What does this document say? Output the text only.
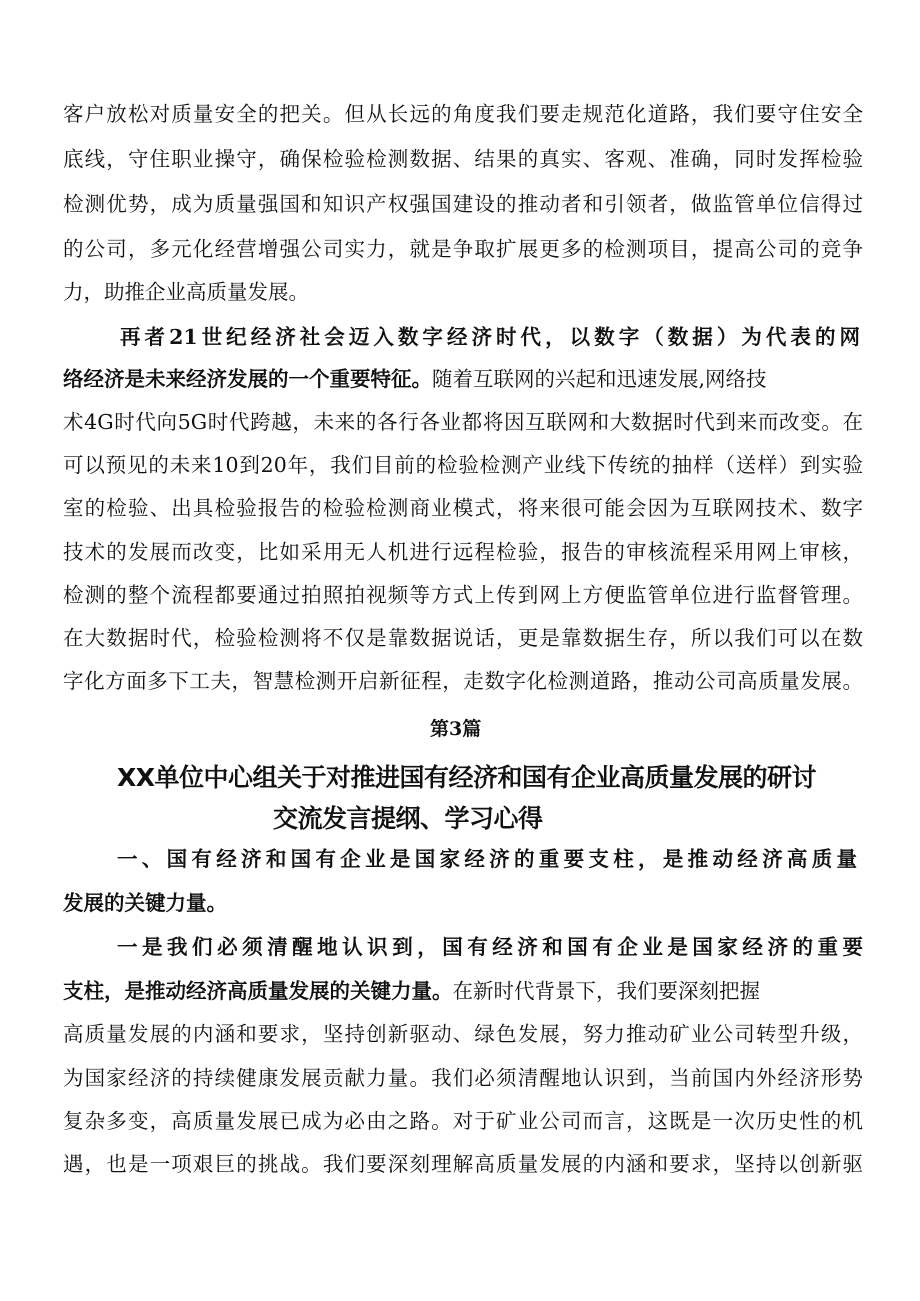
客户放松对质量安全的把关。但从长远的角度我们要走规范化道路，我们要守住安全
底线，守住职业操守，确保检验检测数据、结果的真实、客观、准确，同时发挥检验
检测优势，成为质量强国和知识产权强国建设的推动者和引领者，做监管单位信得过
的公司，多元化经营增强公司实力，就是争取扩展更多的检测项目，提高公司的竞争
力，助推企业高质量发展。
再者21世纪经济社会迈入数字经济时代，以数字（数据）为代表的网
络经济是未来经济发展的一个重要特征。随着互联网的兴起和迅速发展,网络技
术4G时代向5G时代跨越，未来的各行各业都将因互联网和大数据时代到来而改变。在
可以预见的未来10到20年，我们目前的检验检测产业线下传统的抽样（送样）到实验
室的检验、出具检验报告的检验检测商业模式，将来很可能会因为互联网技术、数字
技术的发展而改变，比如采用无人机进行远程检验，报告的审核流程采用网上审核，
检测的整个流程都要通过拍照拍视频等方式上传到网上方便监管单位进行监督管理。
在大数据时代，检验检测将不仅是靠数据说话，更是靠数据生存，所以我们可以在数
字化方面多下工夫，智慧检测开启新征程，走数字化检测道路，推动公司高质量发展。
第3篇
XX单位中心组关于对推进国有经济和国有企业高质量发展的研讨
交流发言提纲、学习心得
一、国有经济和国有企业是国家经济的重要支柱，是推动经济高质量
发展的关键力量。
一是我们必须清醒地认识到，国有经济和国有企业是国家经济的重要
支柱，是推动经济高质量发展的关键力量。在新时代背景下，我们要深刻把握
高质量发展的内涵和要求，坚持创新驱动、绿色发展，努力推动矿业公司转型升级，
为国家经济的持续健康发展贡献力量。我们必须清醒地认识到，当前国内外经济形势
复杂多变，高质量发展已成为必由之路。对于矿业公司而言，这既是一次历史性的机
遇，也是一项艰巨的挑战。我们要深刻理解高质量发展的内涵和要求，坚持以创新驱
